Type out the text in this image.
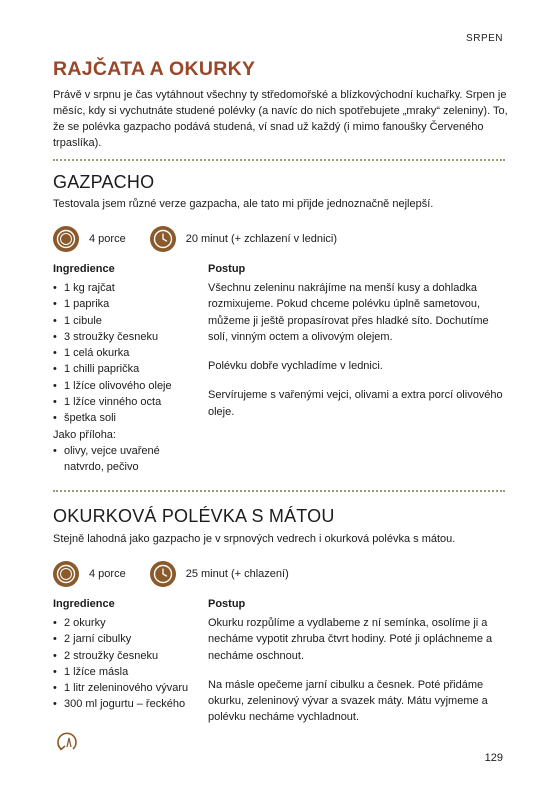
SRPEN
RAJČATA A OKURKY

Právě v srpnu je čas vytáhnout všechny ty středomořské a blízkovýchodní kuchařky. Srpen je měsíc, kdy si vychutnáte studené polévky (a navíc do nich spotřebujete „mraky“ zeleniny). To, že se polévka gazpacho podává studená, ví snad už každý (i mimo fanoušky Červeného trpaslíka).

GAZPACHO

Testovala jsem různé verze gazpacha, ale tato mi přijde jednoznačně nejlepší.

4 porce	20 minut (+ zchlazení v lednici)

Ingredience	Postup

• 1 kg rajčat
• 1 paprika
• 1 cibule
• 3 stroužky česneku
• 1 celá okurka
• 1 chilli paprička
• 1 lžíce olivového oleje
• 1 lžíce vinného octa
• špetka soli
Jako příloha:
• olivy, vejce uvařené
natvrdo, pečivo

Všechnu zeleninu nakrájíme na menší kusy a dohladka rozmixujeme. Pokud chceme polévku úplně sametovou, můžeme ji ještě propasírovat přes hladké síto. Dochutíme solí, vinným octem a olivovým olejem.

Polévku dobře vychladíme v lednici.

Servírujeme s vařenými vejci, olivami a extra porcí olivového oleje.

OKURKOVÁ POLÉVKA S MÁTOU

Stejně lahodná jako gazpacho je v srpnových vedrech i okurková polévka s mátou.

4 porce	25 minut (+ chlazení)

Ingredience	Postup

• 2 okurky
• 2 jarní cibulky
• 2 stroužky česneku
• 1 lžíce másla
• 1 litr zeleninového vývaru
• 300 ml jogurtu – řeckého

Okurku rozpůlíme a vydlabeme z ní semínka, osolíme ji a necháme vypotit zhruba čtvrt hodiny. Poté ji opláchneme a necháme oschnout.

Na másle opečeme jarní cibulku a česnek. Poté přidáme okurku, zeleninový vývar a svazek máty. Mátu vyjmeme a polévku necháme vychladnout.

129
